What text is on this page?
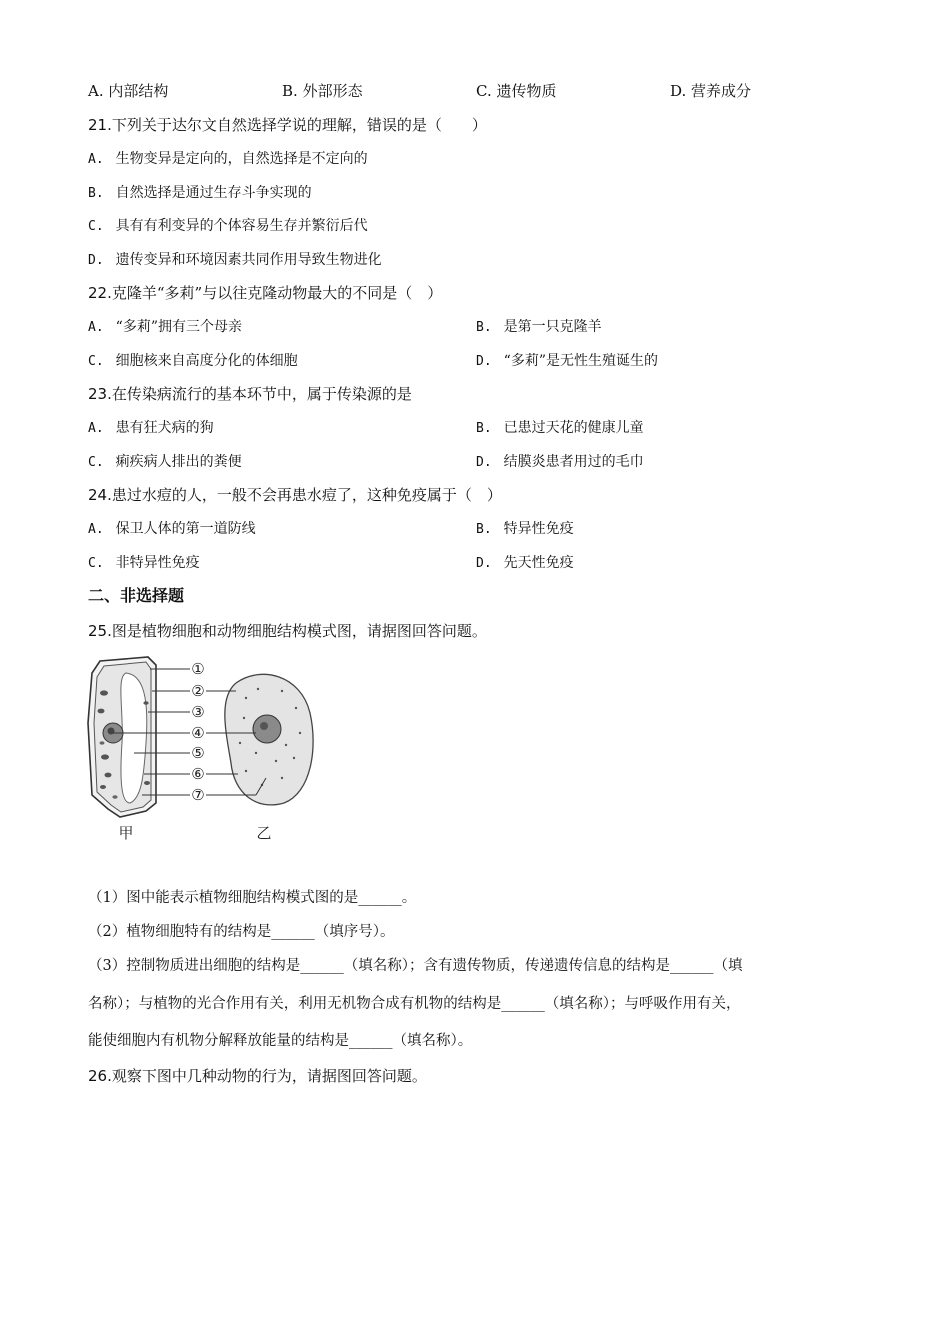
A. 内部结构	B. 外部形态	C. 遗传物质	D. 营养成分
21.下列关于达尔文自然选择学说的理解，错误的是（　　）
A. 生物变异是定向的，自然选择是不定向的
B. 自然选择是通过生存斗争实现的
C. 具有有利变异的个体容易生存并繁衍后代
D. 遗传变异和环境因素共同作用导致生物进化
22.克隆羊“多莉”与以往克隆动物最大的不同是（　）
A. “多莉”拥有三个母亲	B. 是第一只克隆羊
C. 细胞核来自高度分化的体细胞	D. “多莉”是无性生殖诞生的
23.在传染病流行的基本环节中，属于传染源的是
A. 患有狂犬病的狗	B. 已患过天花的健康儿童
C. 痢疾病人排出的粪便	D. 结膜炎患者用过的毛巾
24.患过水痘的人，一般不会再患水痘了，这种免疫属于（　）
A. 保卫人体的第一道防线	B. 特异性免疫
C. 非特异性免疫	D. 先天性免疫
二、非选择题
25.图是植物细胞和动物细胞结构模式图，请据图回答问题。
①
②
③
④
⑤
⑥
⑦
甲	乙
（1）图中能表示植物细胞结构模式图的是______。
（2）植物细胞特有的结构是______（填序号）。
（3）控制物质进出细胞的结构是______（填名称）；含有遗传物质，传递遗传信息的结构是______（填
名称）；与植物的光合作用有关，利用无机物合成有机物的结构是______（填名称）；与呼吸作用有关，
能使细胞内有机物分解释放能量的结构是______（填名称）。
26.观察下图中几种动物的行为，请据图回答问题。
